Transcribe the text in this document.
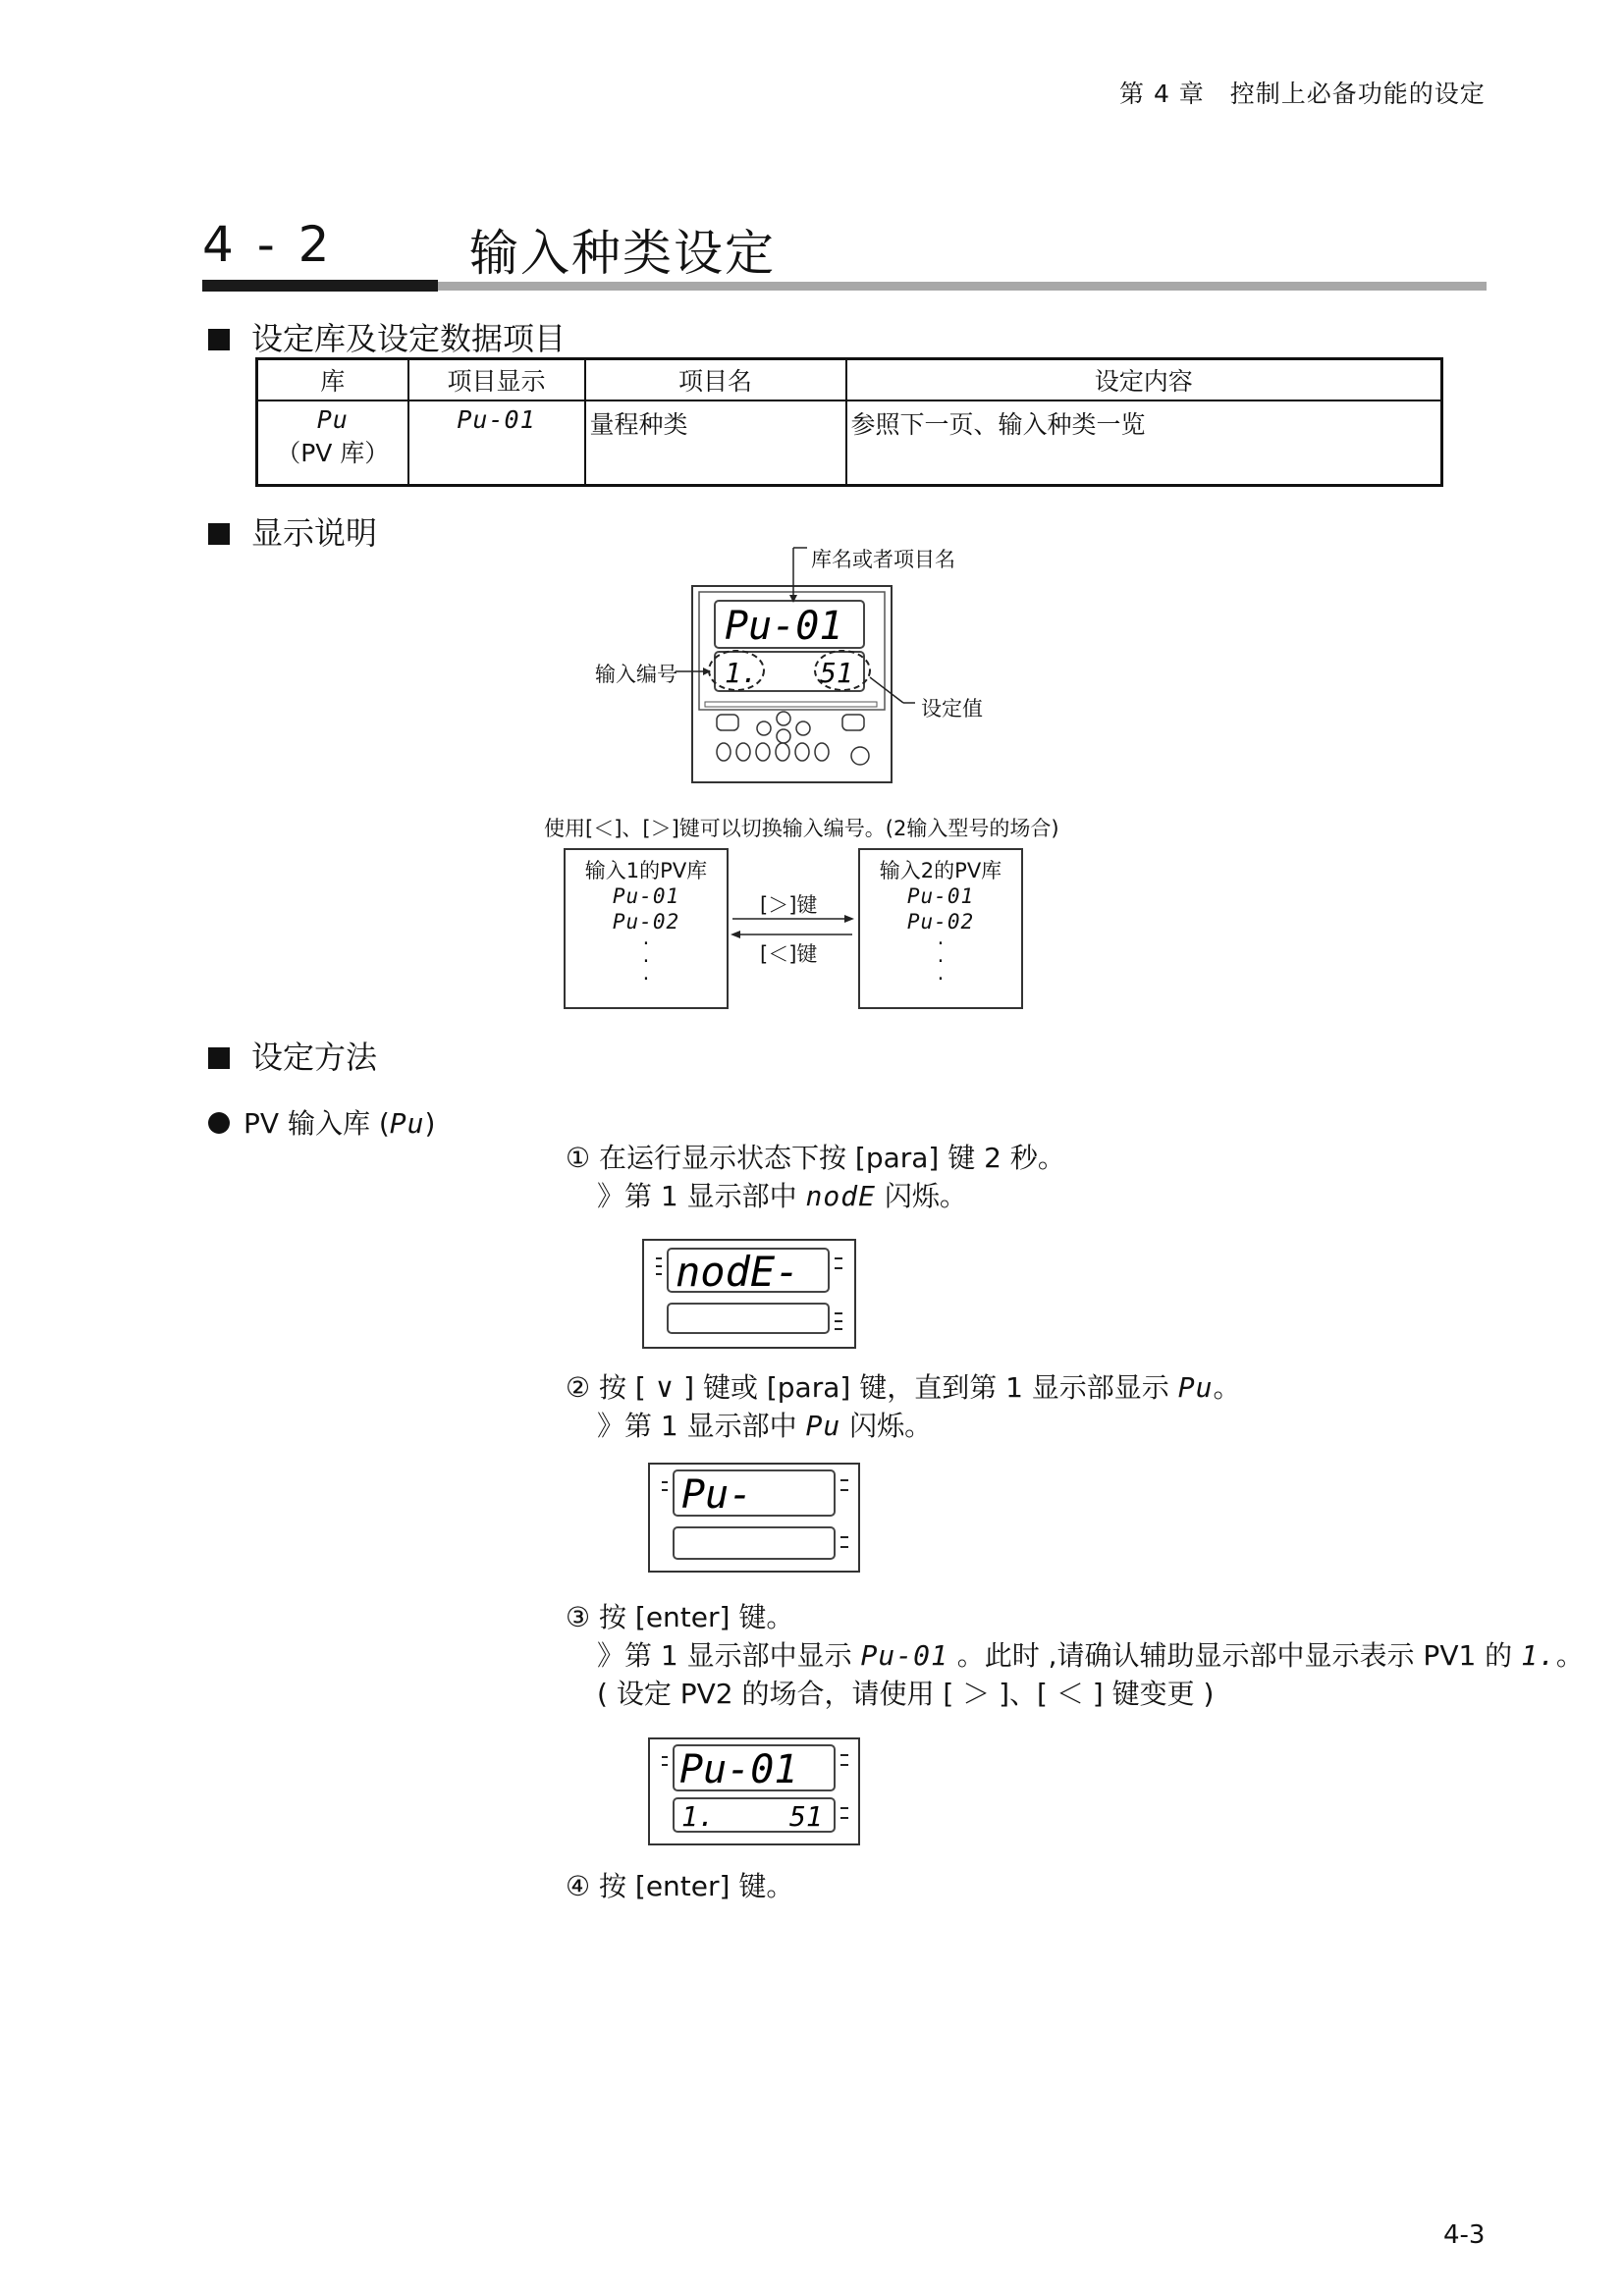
第 4 章　控制上必备功能的设定
4 - 2	输入种类设定
设定库及设定数据项目
库	项目显示	项目名	设定内容

Pu
（PV 库）	Pu-01	量程种类	参照下一页、输入种类一览
显示说明
Pu-01
1. 51
库名或者项目名
输入编号
设定值
使用[＜]、[＞]键可以切换输入编号。(2输入型号的场合)
输入1的PV库
Pu-01
Pu-02
·
·
·
输入2的PV库
Pu-01
Pu-02
·
·
·
[＞]键
[＜]键
设定方法
PV 输入库 (Pu)
① 在运行显示状态下按 [para] 键 2 秒。
》第 1 显示部中 nodE 闪烁。
nodE-
② 按 [ ∨ ] 键或 [para] 键，直到第 1 显示部显示 Pu。
》第 1 显示部中 Pu 闪烁。
Pu-
③ 按 [enter] 键。
》第 1 显示部中显示 Pu-01 。此时 ,请确认辅助显示部中显示表示 PV1 的 1.。
( 设定 PV2 的场合，请使用 [ ＞ ]、[ ＜ ] 键变更 )
Pu-01
1.	51
④ 按 [enter] 键。
4-3
